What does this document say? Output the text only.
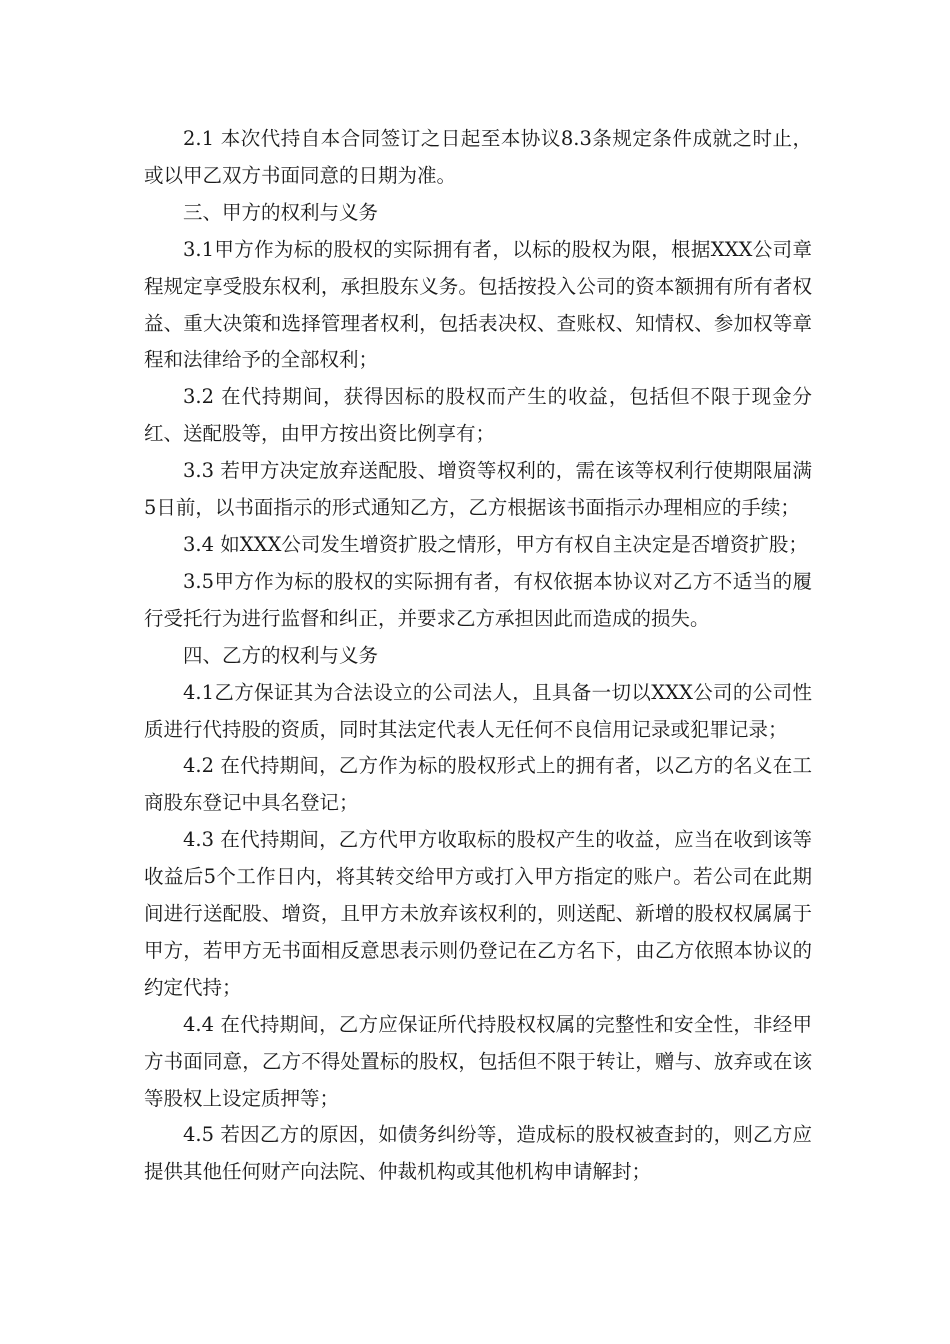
2.1 本次代持自本合同签订之日起至本协议8.3条规定条件成就之时止，或以甲乙双方书面同意的日期为准。

三、甲方的权利与义务

3.1甲方作为标的股权的实际拥有者，以标的股权为限，根据XXX公司章程规定享受股东权利，承担股东义务。包括按投入公司的资本额拥有所有者权益、重大决策和选择管理者权利，包括表决权、查账权、知情权、参加权等章程和法律给予的全部权利；

3.2 在代持期间，获得因标的股权而产生的收益，包括但不限于现金分红、送配股等，由甲方按出资比例享有；

3.3 若甲方决定放弃送配股、增资等权利的，需在该等权利行使期限届满5日前，以书面指示的形式通知乙方，乙方根据该书面指示办理相应的手续；

3.4 如XXX公司发生增资扩股之情形，甲方有权自主决定是否增资扩股；

3.5甲方作为标的股权的实际拥有者，有权依据本协议对乙方不适当的履行受托行为进行监督和纠正，并要求乙方承担因此而造成的损失。

四、乙方的权利与义务

4.1乙方保证其为合法设立的公司法人，且具备一切以XXX公司的公司性质进行代持股的资质，同时其法定代表人无任何不良信用记录或犯罪记录；

4.2 在代持期间，乙方作为标的股权形式上的拥有者，以乙方的名义在工商股东登记中具名登记；

4.3 在代持期间，乙方代甲方收取标的股权产生的收益，应当在收到该等收益后5个工作日内，将其转交给甲方或打入甲方指定的账户。若公司在此期间进行送配股、增资，且甲方未放弃该权利的，则送配、新增的股权权属属于甲方，若甲方无书面相反意思表示则仍登记在乙方名下，由乙方依照本协议的约定代持；

4.4 在代持期间，乙方应保证所代持股权权属的完整性和安全性，非经甲方书面同意，乙方不得处置标的股权，包括但不限于转让，赠与、放弃或在该等股权上设定质押等；

4.5 若因乙方的原因，如债务纠纷等，造成标的股权被查封的，则乙方应提供其他任何财产向法院、仲裁机构或其他机构申请解封；
